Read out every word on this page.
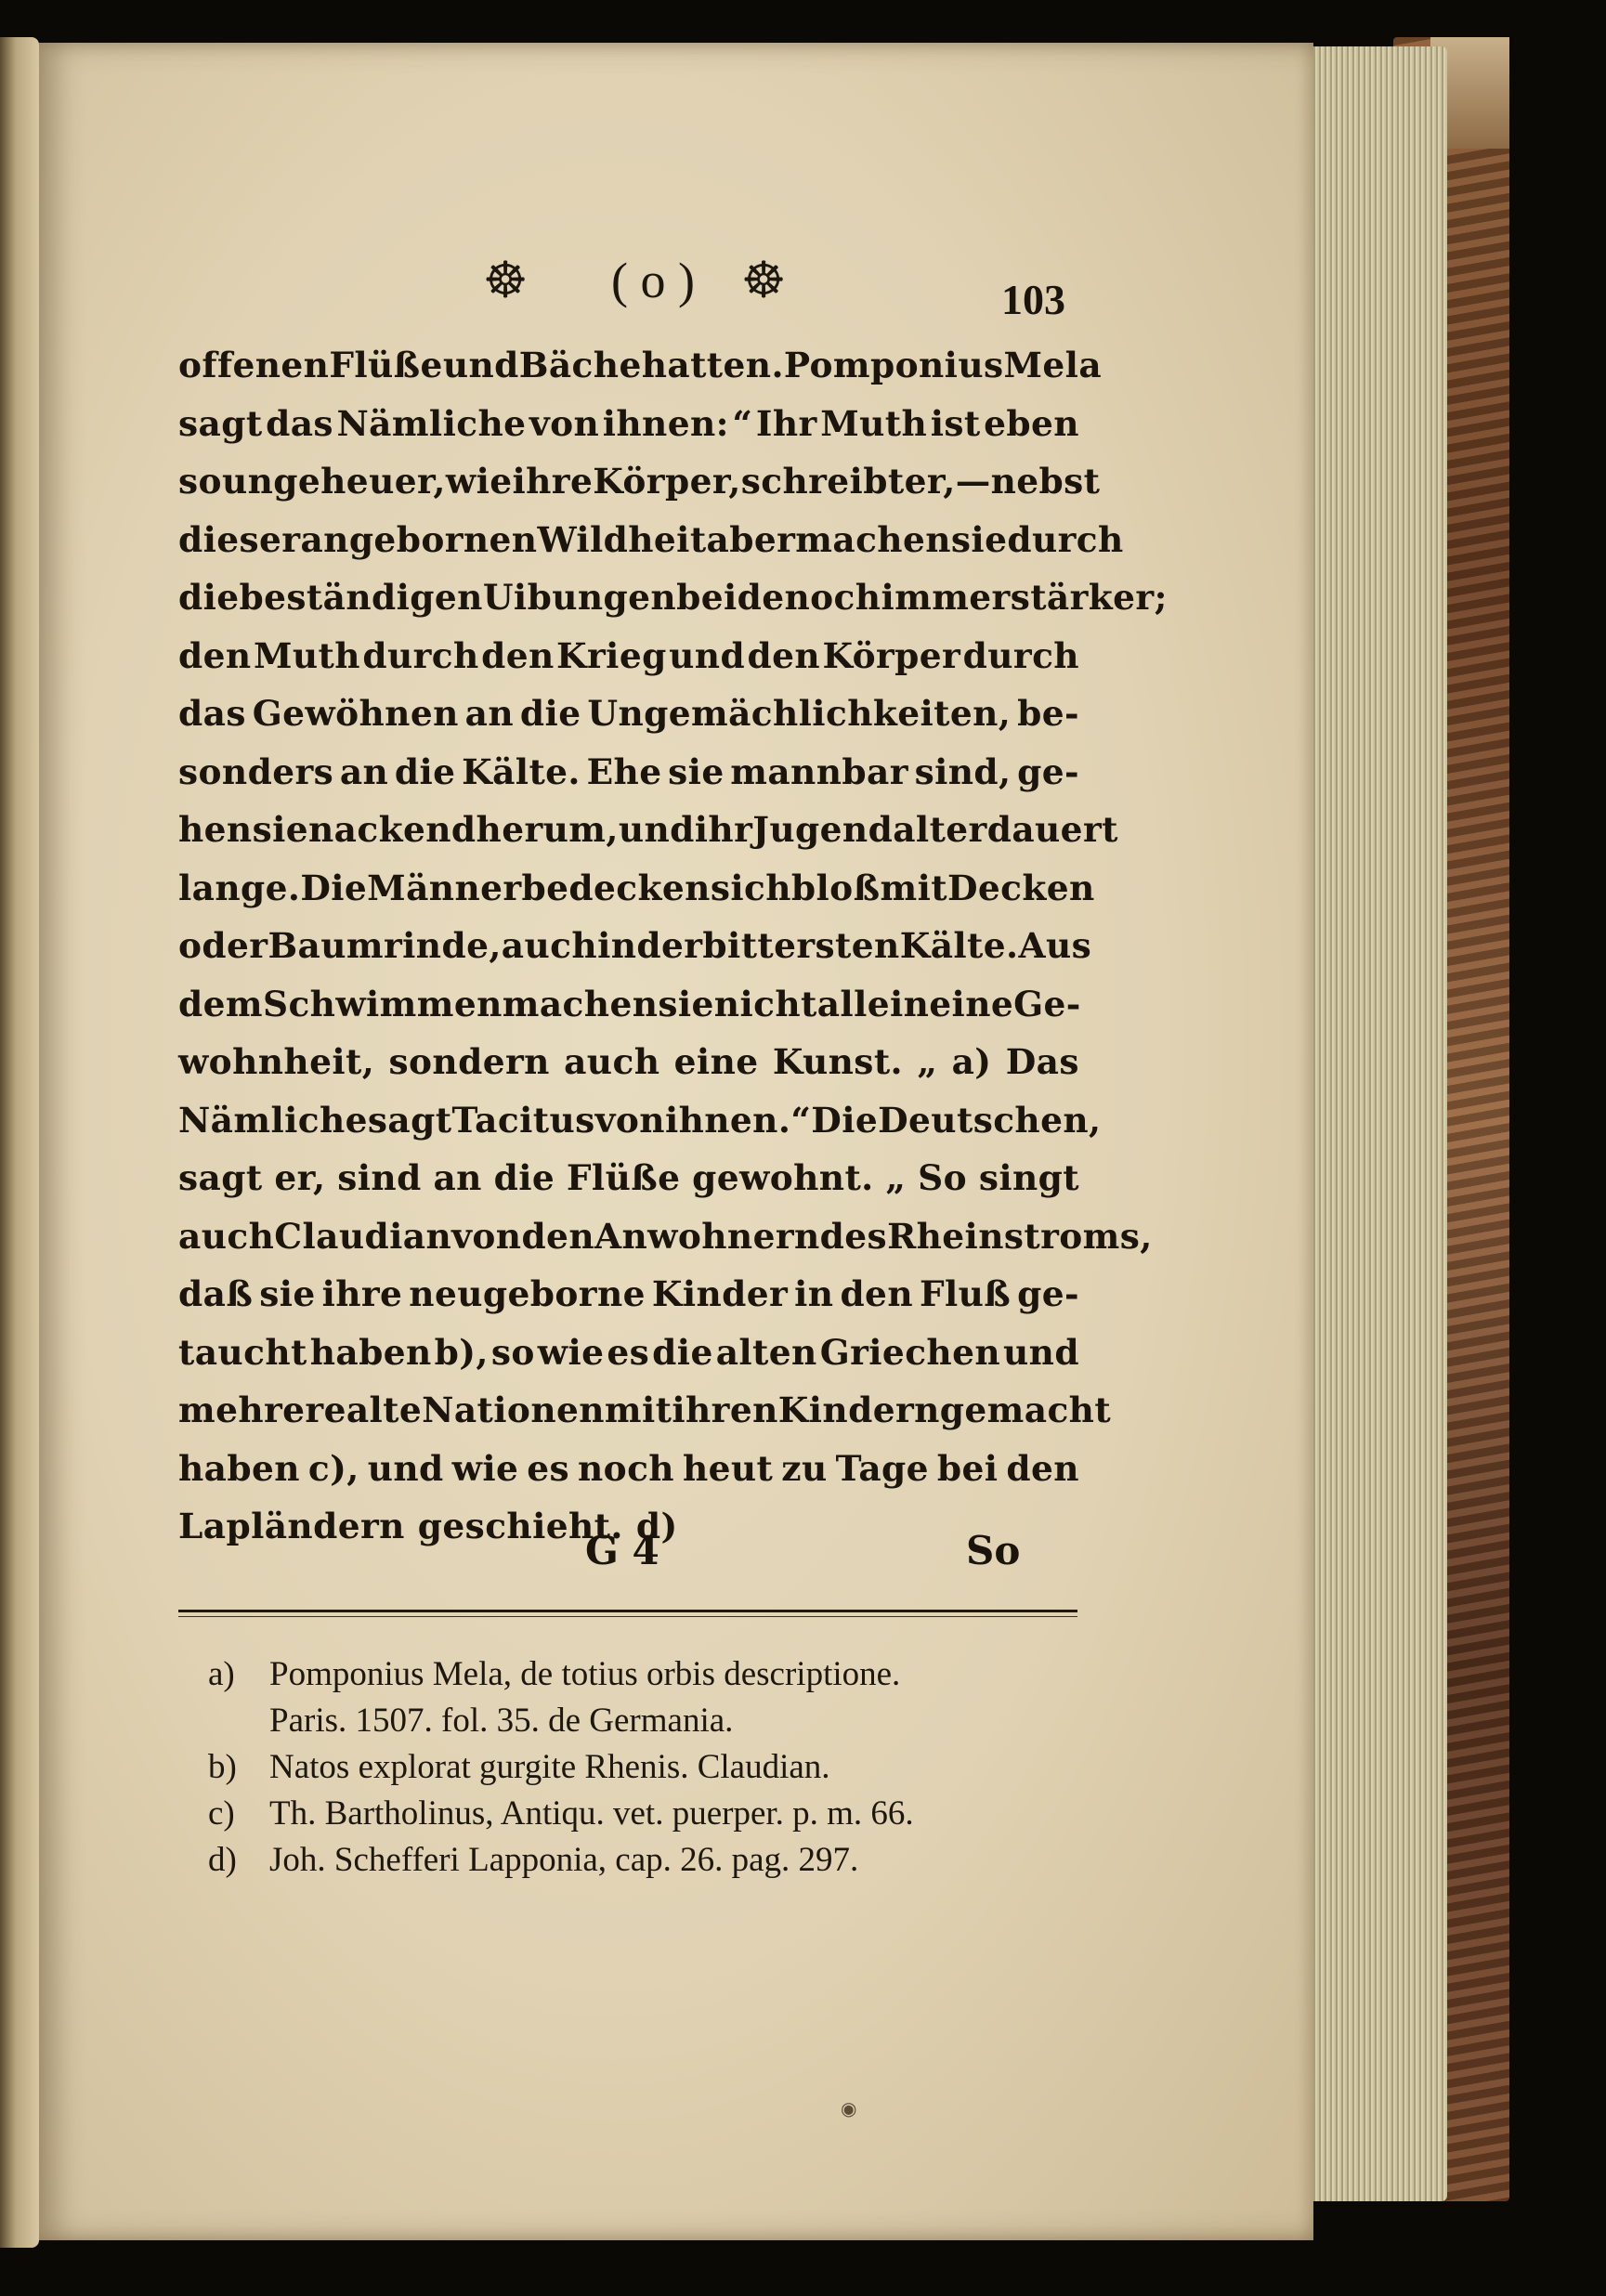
☸ ( o ) ☸	103
offenen Flüße und Bäche hatten. Pomponius Mela
sagt das Nämliche von ihnen: “ Ihr Muth ist eben
so ungeheuer, wie ihre Körper, schreibt er, — nebst
dieser angebornen Wildheit aber machen sie durch
die beständigen Uibungen beide noch immer stärker;
den Muth durch den Krieg und den Körper durch
das Gewöhnen an die Ungemächlichkeiten, be-
sonders an die Kälte. Ehe sie mannbar sind, ge-
hen sie nackend herum, und ihr Jugendalter dauert
lange. Die Männer bedecken sich bloß mit Decken
oder Baumrinde, auch in der bittersten Kälte. Aus
dem Schwimmen machen sie nicht allein eine Ge-
wohnheit, sondern auch eine Kunst. „ a) Das
Nämliche sagt Tacitus von ihnen. “ Die Deutschen,
sagt er, sind an die Flüße gewohnt. „ So singt
auch Claudian von den Anwohnern des Rheinstroms,
daß sie ihre neugeborne Kinder in den Fluß ge-
taucht haben b), so wie es die alten Griechen und
mehrere alte Nationen mit ihren Kindern gemacht
haben c), und wie es noch heut zu Tage bei den
Lapländern geschieht. d)
G 4	So
a) Pomponius Mela, de totius orbis descriptione.
Paris. 1507. fol. 35. de Germania.
b) Natos explorat gurgite Rhenis. Claudian.
c) Th. Bartholinus, Antiqu. vet. puerper. p. m. 66.
d) Joh. Schefferi Lapponia, cap. 26. pag. 297.
◉
